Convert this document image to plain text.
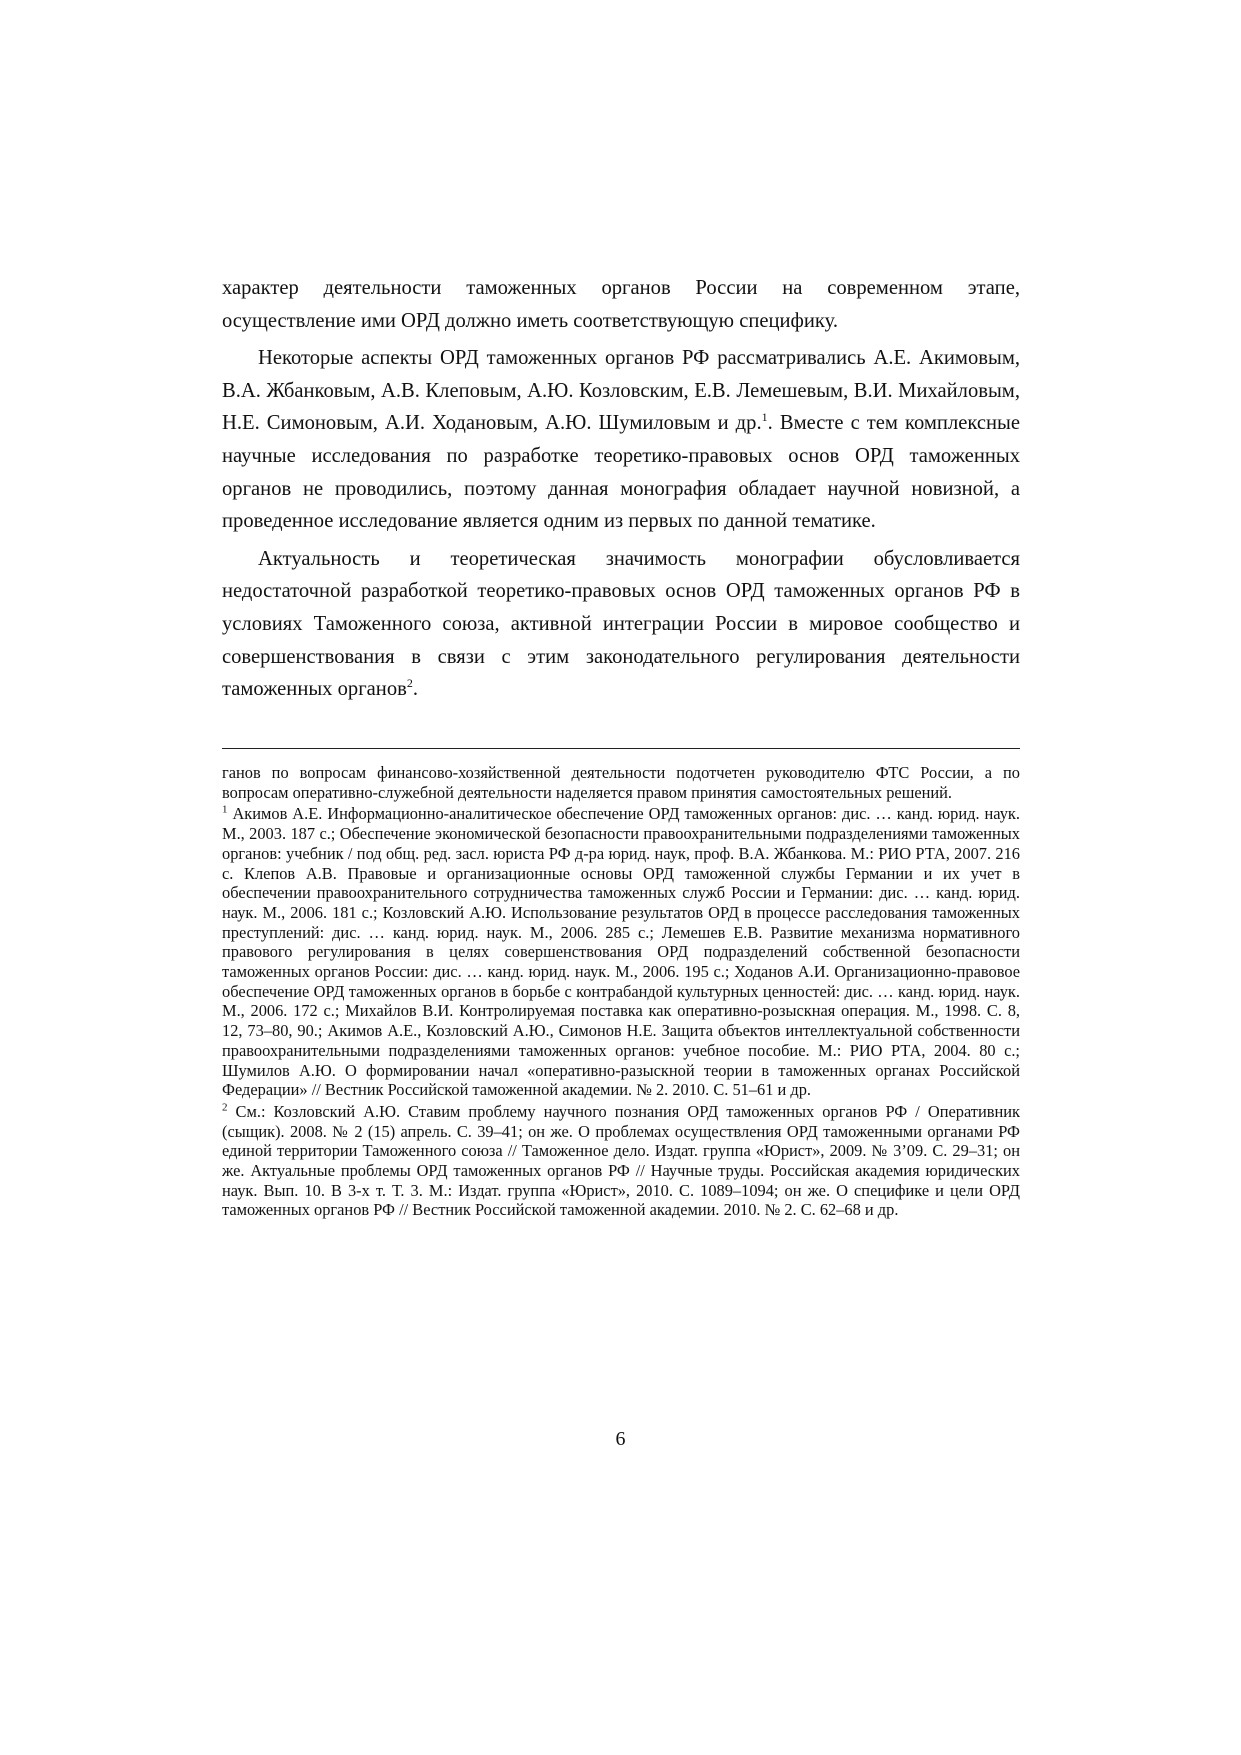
характер деятельности таможенных органов России на современном этапе, осуществление ими ОРД должно иметь соответствующую специфику.

Некоторые аспекты ОРД таможенных органов РФ рассматривались А.Е. Акимовым, В.А. Жбанковым, А.В. Клеповым, А.Ю. Козловским, Е.В. Лемешевым, В.И. Михайловым, Н.Е. Симоновым, А.И. Ходановым, А.Ю. Шумиловым и др.$^1$. Вместе с тем комплексные научные исследования по разработке теоретико-правовых основ ОРД таможенных органов не проводились, поэтому данная монография обладает научной новизной, а проведенное исследование является одним из первых по данной тематике.

Актуальность и теоретическая значимость монографии обусловливается недостаточной разработкой теоретико-правовых основ ОРД таможенных органов РФ в условиях Таможенного союза, активной интеграции России в мировое сообщество и совершенствования в связи с этим законодательного регулирования деятельности таможенных органов$^2$.

ганов по вопросам финансово-хозяйственной деятельности подотчетен руководителю ФТС России, а по вопросам оперативно-служебной деятельности наделяется правом принятия самостоятельных решений.

$^1$ Акимов А.Е. Информационно-аналитическое обеспечение ОРД таможенных органов: дис. … канд. юрид. наук. М., 2003. 187 с.; Обеспечение экономической безопасности правоохранительными подразделениями таможенных органов: учебник / под общ. ред. засл. юриста РФ д-ра юрид. наук, проф. В.А. Жбанкова. М.: РИО РТА, 2007. 216 с. Клепов А.В. Правовые и организационные основы ОРД таможенной службы Германии и их учет в обеспечении правоохранительного сотрудничества таможенных служб России и Германии: дис. … канд. юрид. наук. М., 2006. 181 с.; Козловский А.Ю. Использование результатов ОРД в процессе расследования таможенных преступлений: дис. … канд. юрид. наук. М., 2006. 285 с.; Лемешев Е.В. Развитие механизма нормативного правового регулирования в целях совершенствования ОРД подразделений собственной безопасности таможенных органов России: дис. … канд. юрид. наук. М., 2006. 195 с.; Ходанов А.И. Организационно-правовое обеспечение ОРД таможенных органов в борьбе с контрабандой культурных ценностей: дис. … канд. юрид. наук. М., 2006. 172 с.; Михайлов В.И. Контролируемая поставка как оперативно-розыскная операция. М., 1998. С. 8, 12, 73–80, 90.; Акимов А.Е., Козловский А.Ю., Симонов Н.Е. Защита объектов интеллектуальной собственности правоохранительными подразделениями таможенных органов: учебное пособие. М.: РИО РТА, 2004. 80 с.; Шумилов А.Ю. О формировании начал «оперативно-разыскной теории в таможенных органах Российской Федерации» // Вестник Российской таможенной академии. № 2. 2010. С. 51–61 и др.

$^2$ См.: Козловский А.Ю. Ставим проблему научного познания ОРД таможенных органов РФ / Оперативник (сыщик). 2008. № 2 (15) апрель. С. 39–41; он же. О проблемах осуществления ОРД таможенными органами РФ единой территории Таможенного союза // Таможенное дело. Издат. группа «Юрист», 2009. № 3’09. С. 29–31; он же. Актуальные проблемы ОРД таможенных органов РФ // Научные труды. Российская академия юридических наук. Вып. 10. В 3-х т. Т. 3. М.: Издат. группа «Юрист», 2010. С. 1089–1094; он же. О специфике и цели ОРД таможенных органов РФ // Вестник Российской таможенной академии. 2010. № 2. С. 62–68 и др.

6
